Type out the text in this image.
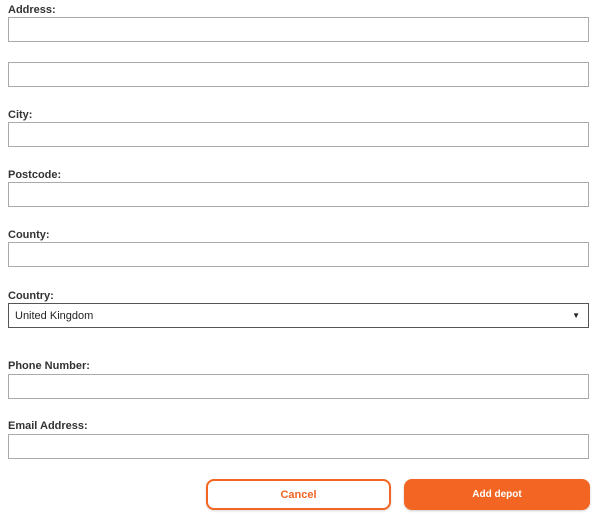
Address:
City:
Postcode:
County:
Country:
United Kingdom	▼
Phone Number:
Email Address:
Cancel	Add depot
